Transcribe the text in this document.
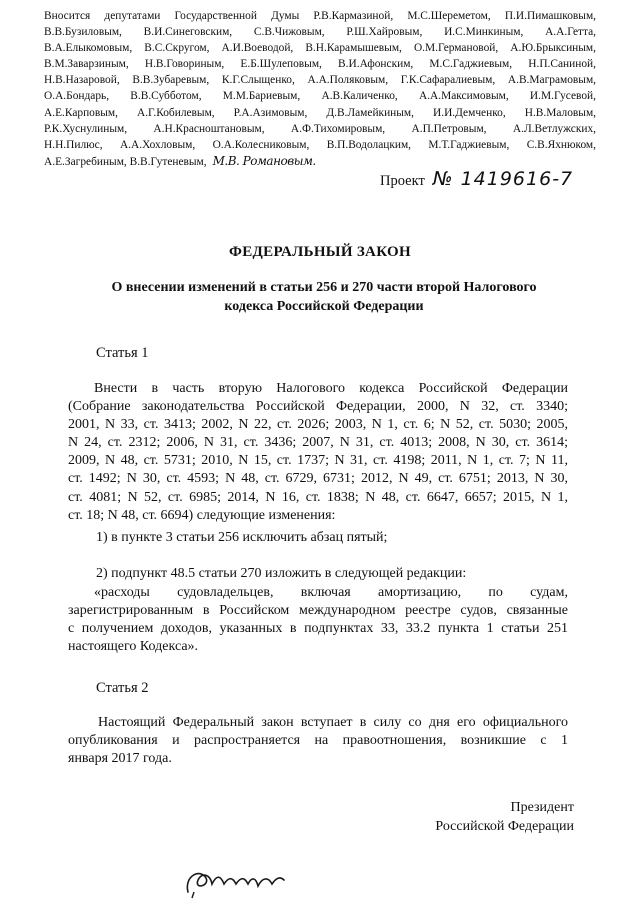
Вносится депутатами Государственной Думы Р.В.Кармазиной, М.С.Шереметом, П.И.Пимашковым,
В.В.Бузиловым, В.И.Синеговским, С.В.Чижовым, Р.Ш.Хайровым, И.С.Минкиным, А.А.Гетта,
В.А.Елыкомовым, В.С.Скругом, А.И.Воеводой, В.Н.Карамышевым, О.М.Германовой, А.Ю.Брыксиным,
В.М.Заварзиным, Н.В.Говориным, Е.Б.Шулеповым, В.И.Афонским, М.С.Гаджиевым, Н.П.Саниной,
Н.В.Назаровой, В.В.Зубаревым, К.Г.Слыщенко, А.А.Поляковым, Г.К.Сафаралиевым, А.В.Маграмовым,
О.А.Бондарь, В.В.Субботом, М.М.Бариевым, А.В.Каличенко, А.А.Максимовым, И.М.Гусевой,
А.Е.Карповым, А.Г.Кобилевым, Р.А.Азимовым, Д.В.Ламейкиным, И.И.Демченко, Н.В.Маловым,
Р.К.Хуснулиным, А.Н.Красноштановым, А.Ф.Тихомировым, А.П.Петровым, А.Л.Ветлужских,
Н.Н.Пилюс, А.А.Хохловым, О.А.Колесниковым, В.П.Водолацким, М.Т.Гаджиевым, С.В.Яхнюком,
А.Е.Загребиным, В.В.Гутеневым, М.В. Романовым.
Проект № 1419616-7
ФЕДЕРАЛЬНЫЙ ЗАКОН
О внесении изменений в статьи 256 и 270 части второй Налогового
кодекса Российской Федерации
Статья 1
Внести в часть вторую Налогового кодекса Российской Федерации
(Собрание законодательства Российской Федерации, 2000, N 32, ст. 3340;
2001, N 33, ст. 3413; 2002, N 22, ст. 2026; 2003, N 1, ст. 6; N 52, ст. 5030; 2005,
N 24, ст. 2312; 2006, N 31, ст. 3436; 2007, N 31, ст. 4013; 2008, N 30, ст. 3614;
2009, N 48, ст. 5731; 2010, N 15, ст. 1737; N 31, ст. 4198; 2011, N 1, ст. 7; N 11,
ст. 1492; N 30, ст. 4593; N 48, ст. 6729, 6731; 2012, N 49, ст. 6751; 2013, N 30,
ст. 4081; N 52, ст. 6985; 2014, N 16, ст. 1838; N 48, ст. 6647, 6657; 2015, N 1,
ст. 18; N 48, ст. 6694) следующие изменения:
1) в пункте 3 статьи 256 исключить абзац пятый;
2) подпункт 48.5 статьи 270 изложить в следующей редакции:
«расходы судовладельцев, включая амортизацию, по судам,
зарегистрированным в Российском международном реестре судов, связанные
с получением доходов, указанных в подпунктах 33, 33.2 пункта 1 статьи 251
настоящего Кодекса».
Статья 2
Настоящий Федеральный закон вступает в силу со дня его официального
опубликования и распространяется на правоотношения, возникшие с 1
января 2017 года.
Президент
Российской Федерации
